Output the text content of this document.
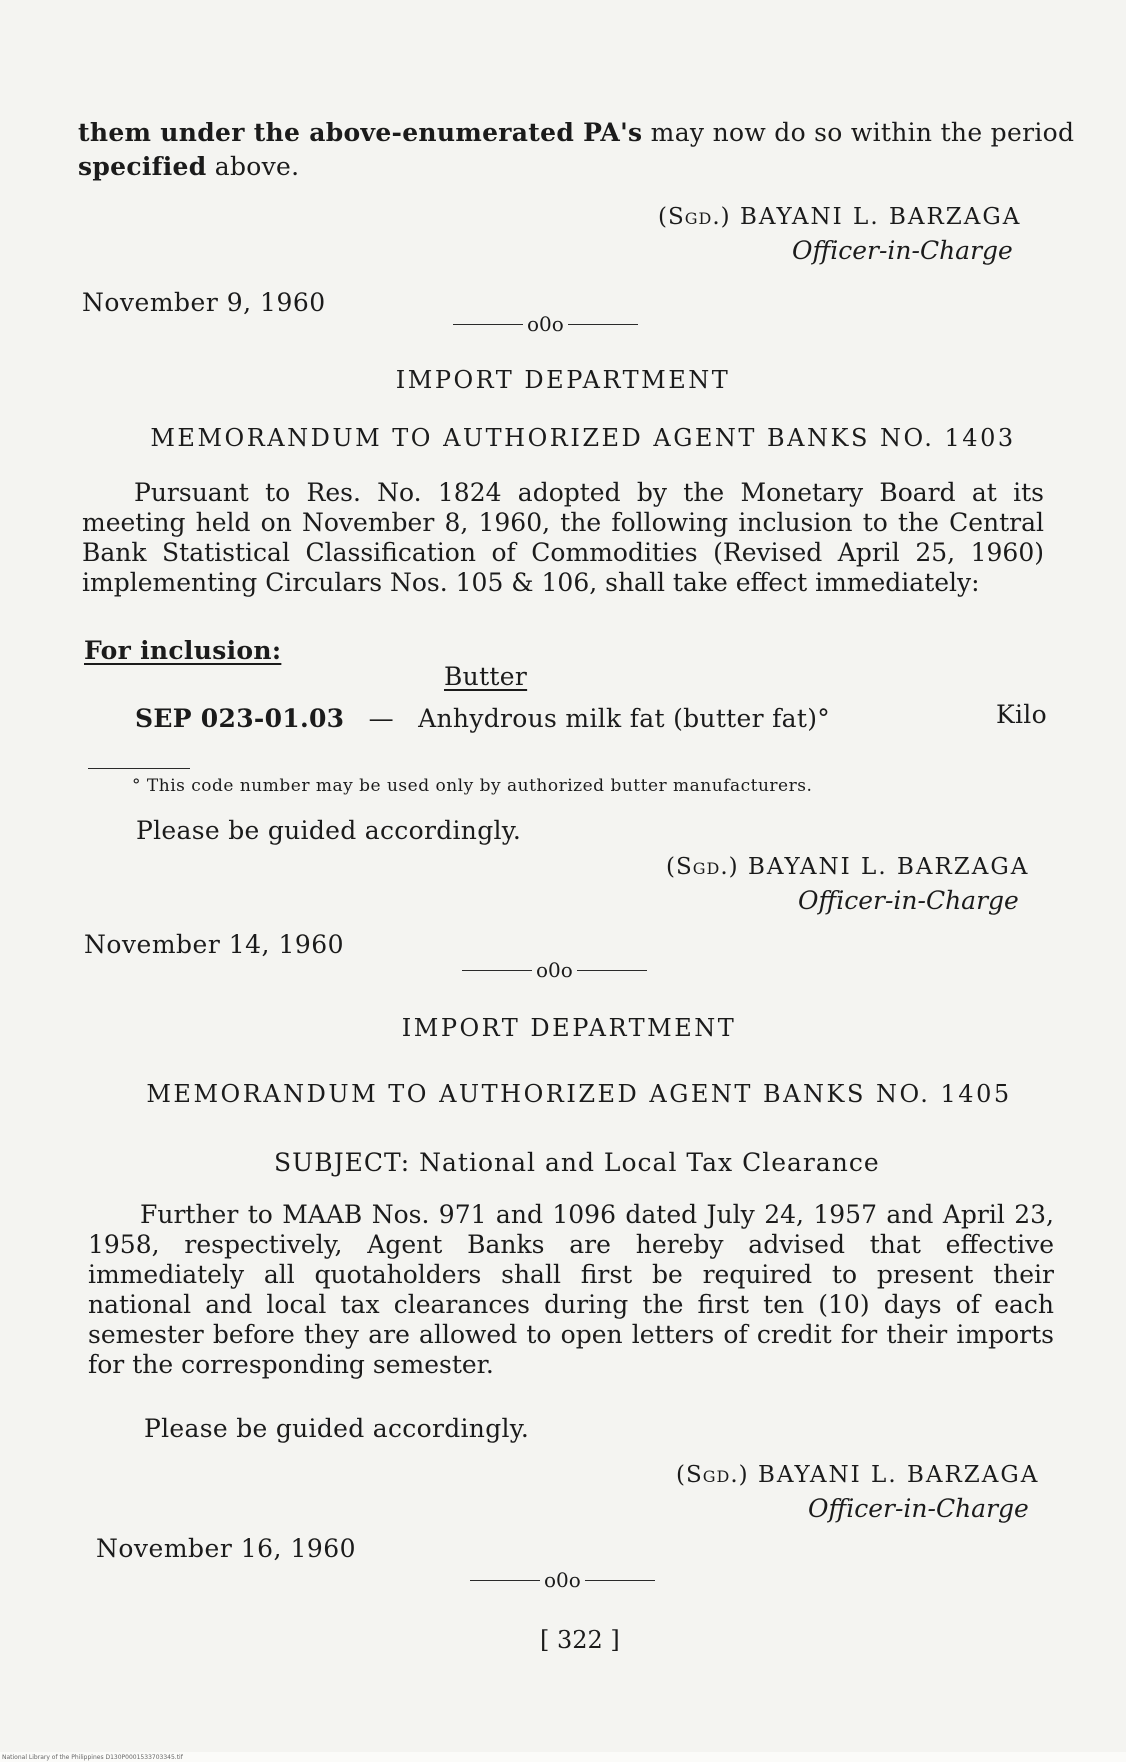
them under the above-enumerated PA's may now do so within the period
specified above.
(Sgd.) BAYANI L. BARZAGA
Officer-in-Charge
November 9, 1960
o0o
IMPORT DEPARTMENT
MEMORANDUM TO AUTHORIZED AGENT BANKS NO. 1403
Pursuant to Res. No. 1824 adopted by the Monetary Board at its meeting held on November 8, 1960, the following inclusion to the Central Bank Statistical Classification of Commodities (Revised April 25, 1960) implementing Circulars Nos. 105 & 106, shall take effect immediately:
For inclusion:
Butter
SEP 023-01.03 — Anhydrous milk fat (butter fat)°	Kilo
° This code number may be used only by authorized butter manufacturers.
Please be guided accordingly.
(Sgd.) BAYANI L. BARZAGA
Officer-in-Charge
November 14, 1960
o0o
IMPORT DEPARTMENT
MEMORANDUM TO AUTHORIZED AGENT BANKS NO. 1405
SUBJECT: National and Local Tax Clearance
Further to MAAB Nos. 971 and 1096 dated July 24, 1957 and April 23, 1958, respectively, Agent Banks are hereby advised that effective immediately all quotaholders shall first be required to present their national and local tax clearances during the first ten (10) days of each semester before they are allowed to open letters of credit for their imports for the corresponding semester.
Please be guided accordingly.
(Sgd.) BAYANI L. BARZAGA
Officer-in-Charge
November 16, 1960
o0o
[ 322 ]
National Library of the Philippines D130P0001533703345.tif
